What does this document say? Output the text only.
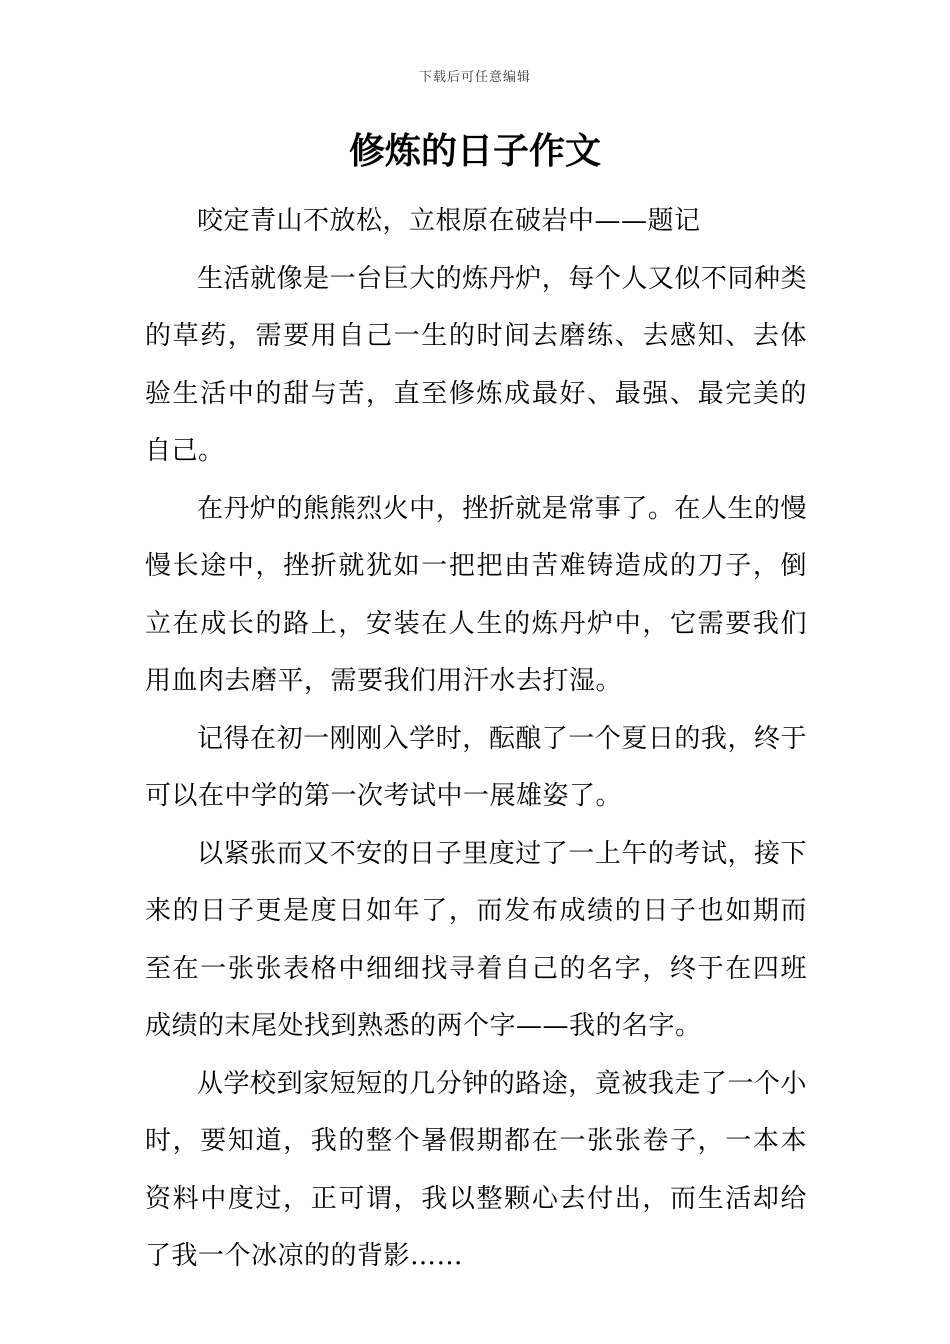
下载后可任意编辑
修炼的日子作文

咬定青山不放松，立根原在破岩中——题记

生活就像是一台巨大的炼丹炉，每个人又似不同种类的草药，需要用自己一生的时间去磨练、去感知、去体验生活中的甜与苦，直至修炼成最好、最强、最完美的自己。

在丹炉的熊熊烈火中，挫折就是常事了。在人生的慢慢长途中，挫折就犹如一把把由苦难铸造成的刀子，倒立在成长的路上，安装在人生的炼丹炉中，它需要我们用血肉去磨平，需要我们用汗水去打湿。

记得在初一刚刚入学时，酝酿了一个夏日的我，终于可以在中学的第一次考试中一展雄姿了。

以紧张而又不安的日子里度过了一上午的考试，接下来的日子更是度日如年了，而发布成绩的日子也如期而至在一张张表格中细细找寻着自己的名字，终于在四班成绩的末尾处找到熟悉的两个字——我的名字。

从学校到家短短的几分钟的路途，竟被我走了一个小时，要知道，我的整个暑假期都在一张张卷子，一本本资料中度过，正可谓，我以整颗心去付出，而生活却给了我一个冰凉的的背影……
